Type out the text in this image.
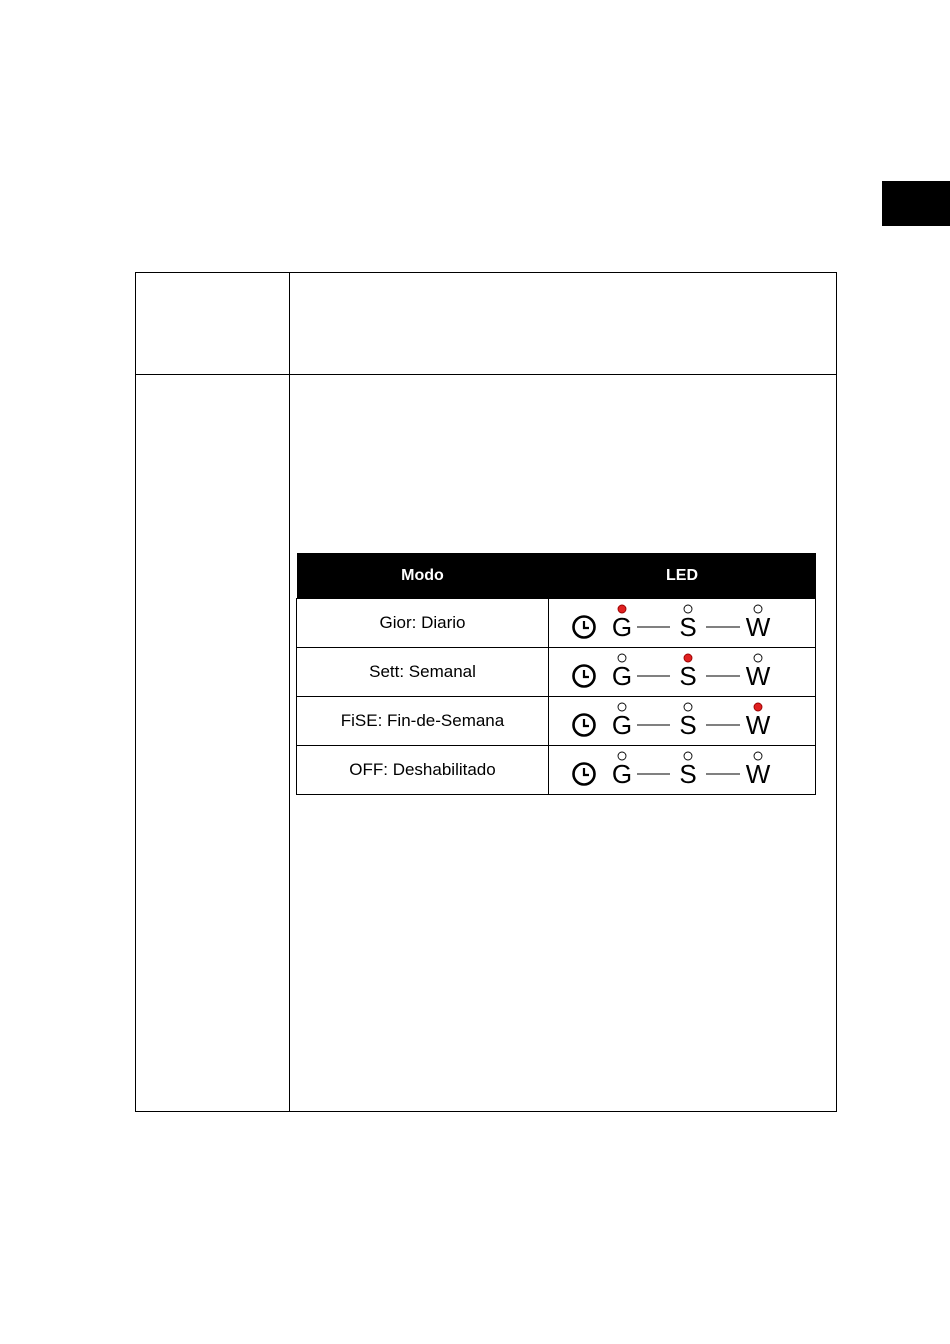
Modo	LED
Gior: Diario	G S W

Sett: Semanal	G S W

FiSE: Fin-de-Semana	G S W

OFF: Deshabilitado	G S W
